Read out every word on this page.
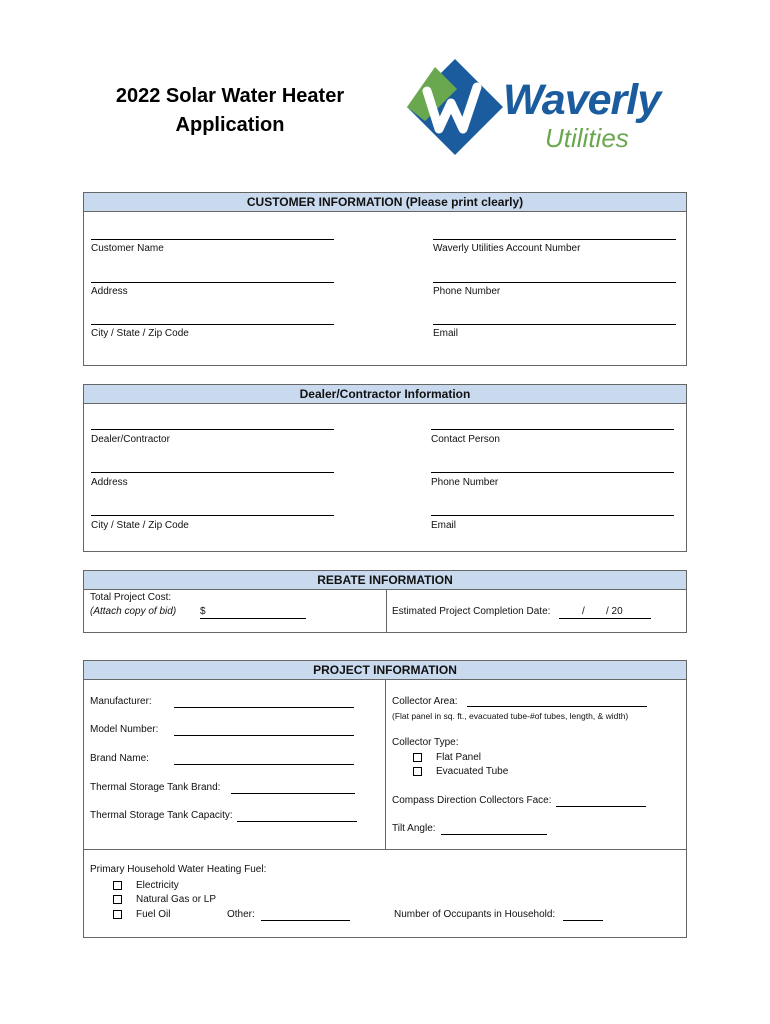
2022 Solar Water Heater
Application
Waverly
Utilities
CUSTOMER INFORMATION (Please print clearly)
Customer Name	Waverly Utilities Account Number
Address	Phone Number
City / State / Zip Code	Email
Dealer/Contractor Information
Dealer/Contractor	Contact Person
Address	Phone Number
City / State / Zip Code	Email
REBATE INFORMATION
Total Project Cost:
(Attach copy of bid) $	Estimated Project Completion Date:	/ / 20
PROJECT INFORMATION
Manufacturer:
Model Number:
Brand Name:
Thermal Storage Tank Brand:
Thermal Storage Tank Capacity:
Collector Area:
(Flat panel in sq. ft., evacuated tube-#of tubes, length, & width)
Collector Type:
Flat Panel
Evacuated Tube
Compass Direction Collectors Face:
Tilt Angle:
Primary Household Water Heating Fuel:
Electricity
Natural Gas or LP
Fuel Oil	Other:	Number of Occupants in Household:
